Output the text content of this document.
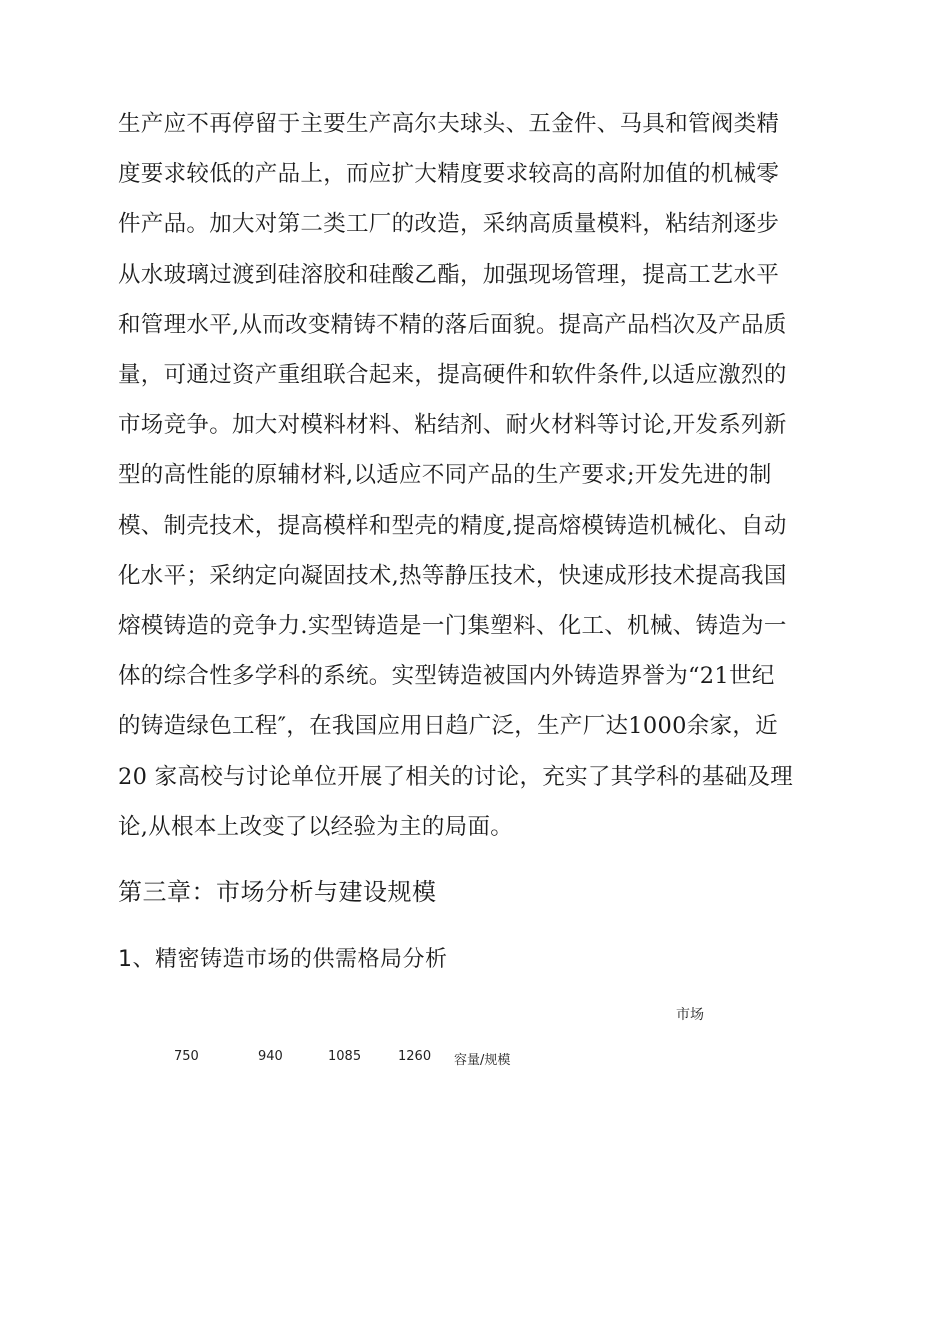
生产应不再停留于主要生产高尔夫球头、五金件、马具和管阀类精
度要求较低的产品上，而应扩大精度要求较高的高附加值的机械零
件产品。加大对第二类工厂的改造，采纳高质量模料，粘结剂逐步
从水玻璃过渡到硅溶胶和硅酸乙酯，加强现场管理，提高工艺水平
和管理水平,从而改变精铸不精的落后面貌。提高产品档次及产品质
量，可通过资产重组联合起来，提高硬件和软件条件,以适应激烈的
市场竞争。加大对模料材料、粘结剂、耐火材料等讨论,开发系列新
型的高性能的原辅材料,以适应不同产品的生产要求;开发先进的制
模、制壳技术，提高模样和型壳的精度,提高熔模铸造机械化、自动
化水平；采纳定向凝固技术,热等静压技术，快速成形技术提高我国
熔模铸造的竞争力.实型铸造是一门集塑料、化工、机械、铸造为一
体的综合性多学科的系统。实型铸造被国内外铸造界誉为“21世纪
的铸造绿色工程″，在我国应用日趋广泛，生产厂达1000余家，近
20 家高校与讨论单位开展了相关的讨论，充实了其学科的基础及理
论,从根本上改变了以经验为主的局面。
第三章：市场分析与建设规模
1、精密铸造市场的供需格局分析
市场
750	940	1085	1260 容量/规模
